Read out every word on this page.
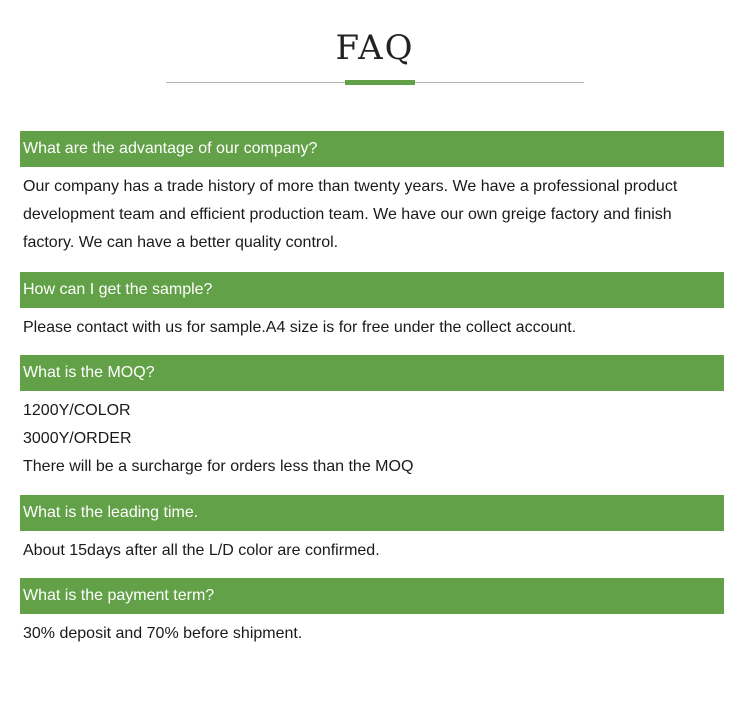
FAQ
What are the advantage of our company?
Our company has a trade history of more than twenty years. We have a professional product
development team and efficient production team. We have our own greige factory and finish
factory. We can have a better quality control.
How can I get the sample?
Please contact with us for sample.A4 size is for free under the collect account.
What is the MOQ?
1200Y/COLOR
3000Y/ORDER
There will be a surcharge for orders less than the MOQ
What is the leading time.
About 15days after all the L/D color are confirmed.
What is the payment term?
30% deposit and 70% before shipment.
